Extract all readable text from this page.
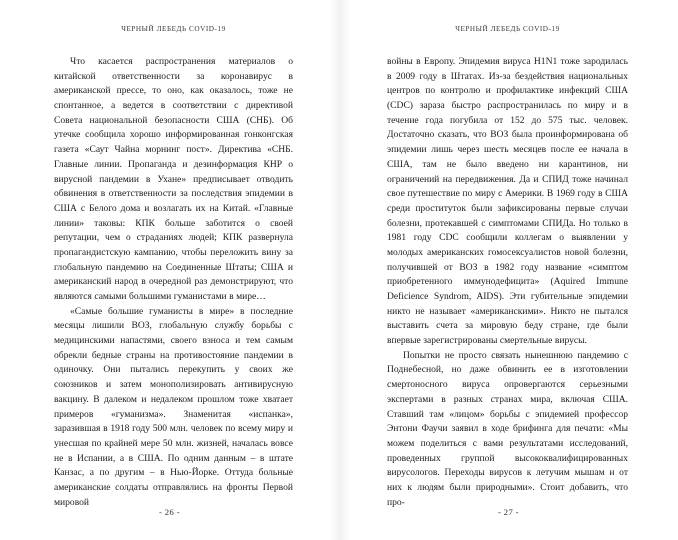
ЧЕРНЫЙ ЛЕБЕДЬ COVID-19

Что касается распространения материалов о китайской ответственности за коронавирус в американской прессе, то оно, как оказалось, тоже не спонтанное, а ведется в соответствии с директивой Совета национальной безопасности США (СНБ). Об утечке сообщила хорошо информированная гонконгская газета «Саут Чайна морнинг пост». Директива «СНБ. Главные линии. Пропаганда и дезинформация КНР о вирусной пандемии в Ухане» предписывает отводить обвинения в ответственности за последствия эпидемии в США с Белого дома и возлагать их на Китай. «Главные линии» таковы: КПК больше заботится о своей репутации, чем о страданиях людей; КПК развернула пропагандистскую кампанию, чтобы переложить вину за глобальную пандемию на Соединенные Штаты; США и американский народ в очередной раз демонстрируют, что являются самыми большими гуманистами в мире…

«Самые большие гуманисты в мире» в последние месяцы лишили ВОЗ, глобальную службу борьбы с медицинскими напастями, своего взноса и тем самым обрекли бедные страны на противостояние пандемии в одиночку. Они пытались перекупить у своих же союзников и затем монополизировать антивирусную вакцину. В далеком и недалеком прошлом тоже хватает примеров «гуманизма». Знаменитая «испанка», заразившая в 1918 году 500 млн. человек по всему миру и унесшая по крайней мере 50 млн. жизней, началась вовсе не в Испании, а в США. По одним данным – в штате Канзас, а по другим – в Нью-Йорке. Оттуда больные американские солдаты отправлялись на фронты Первой мировой

- 26 -
ЧЕРНЫЙ ЛЕБЕДЬ COVID-19

войны в Европу. Эпидемия вируса H1N1 тоже зародилась в 2009 году в Штатах. Из-за бездействия национальных центров по контролю и профилактике инфекций США (CDC) зараза быстро распространилась по миру и в течение года погубила от 152 до 575 тыс. человек. Достаточно сказать, что ВОЗ была проинформирована об эпидемии лишь через шесть месяцев после ее начала в США, там не было введено ни карантинов, ни ограничений на передвижения. Да и СПИД тоже начинал свое путешествие по миру с Америки. В 1969 году в США среди проституток были зафиксированы первые случаи болезни, протекавшей с симптомами СПИДа. Но только в 1981 году CDC сообщили коллегам о выявлении у молодых американских гомосексуалистов новой болезни, получившей от ВОЗ в 1982 году название «симптом приобретенного иммунодефицита» (Aquired Immune Deficience Syndrom, AIDS). Эти губительные эпидемии никто не называет «американскими». Никто не пытался выставить счета за мировую беду стране, где были впервые зарегистрированы смертельные вирусы.

Попытки не просто связать нынешнюю пандемию с Поднебесной, но даже обвинить ее в изготовлении смертоносного вируса опровергаются серьезными экспертами в разных странах мира, включая США. Ставший там «лицом» борьбы с эпидемией профессор Энтони Фаучи заявил в ходе брифинга для печати: «Мы можем поделиться с вами результатами исследований, проведенных группой высококвалифицированных вирусологов. Переходы вирусов к летучим мышам и от них к людям были природными». Стоит добавить, что про-

- 27 -
